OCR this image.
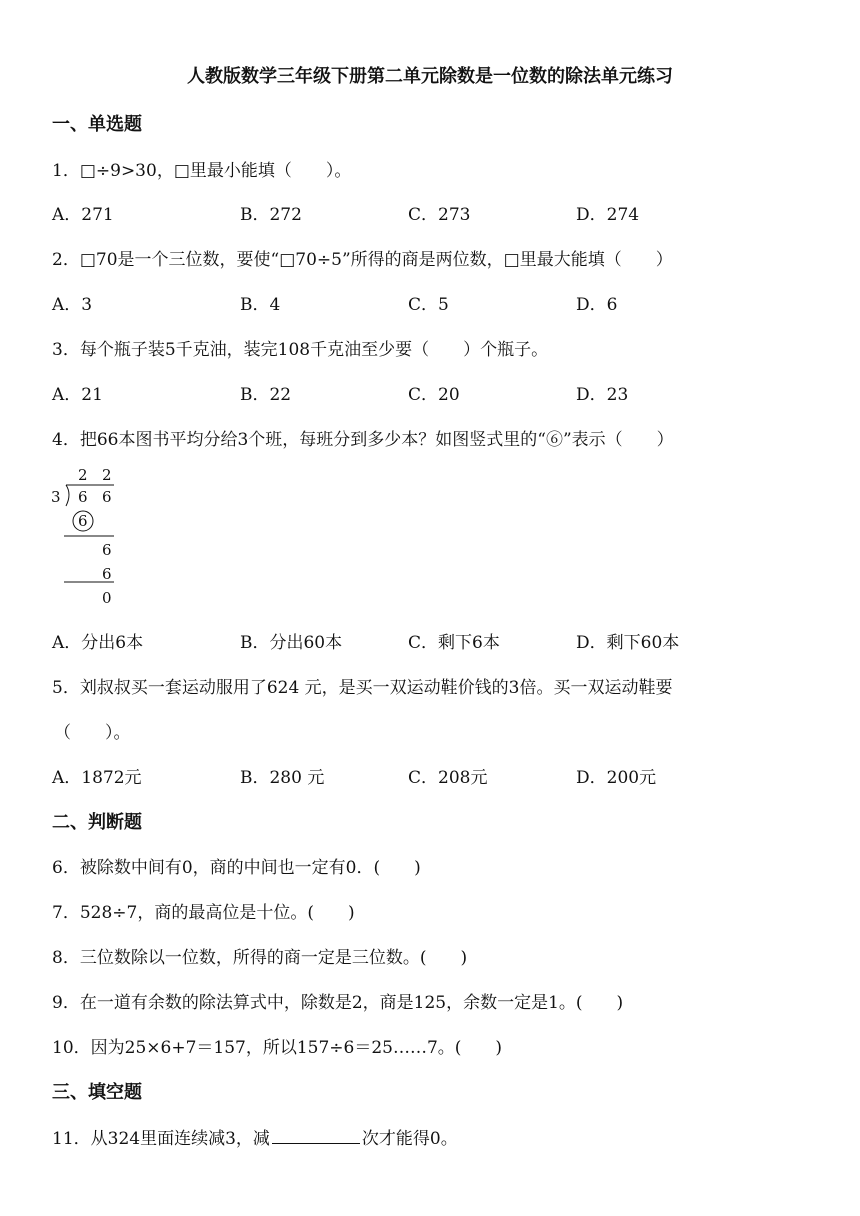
人教版数学三年级下册第二单元除数是一位数的除法单元练习
一、单选题
1．□÷9>30，□里最小能填（　　）。
A．271	B．272	C．273	D．274
2．□70是一个三位数，要使“□70÷5”所得的商是两位数，□里最大能填（　　）
A．3	B．4	C．5	D．6
3．每个瓶子装5千克油，装完108千克油至少要（　　）个瓶子。
A．21	B．22	C．20	D．23
4．把66本图书平均分给3个班，每班分到多少本？如图竖式里的“⑥”表示（　　）
2 2
3 6 6
6
6
6
0
A．分出6本	B．分出60本	C．剩下6本	D．剩下60本
5．刘叔叔买一套运动服用了624 元，是买一双运动鞋价钱的3倍。买一双运动鞋要
（　　）。
A．1872元	B．280 元	C．208元	D．200元
二、判断题
6．被除数中间有0，商的中间也一定有0．(　　)
7．528÷7，商的最高位是十位。(　　)
8．三位数除以一位数，所得的商一定是三位数。(　　)
9．在一道有余数的除法算式中，除数是2，商是125，余数一定是1。(　　)
10．因为25×6+7＝157，所以157÷6＝25……7。(　　)
三、填空题
11．从324里面连续减3，减	次才能得0。
